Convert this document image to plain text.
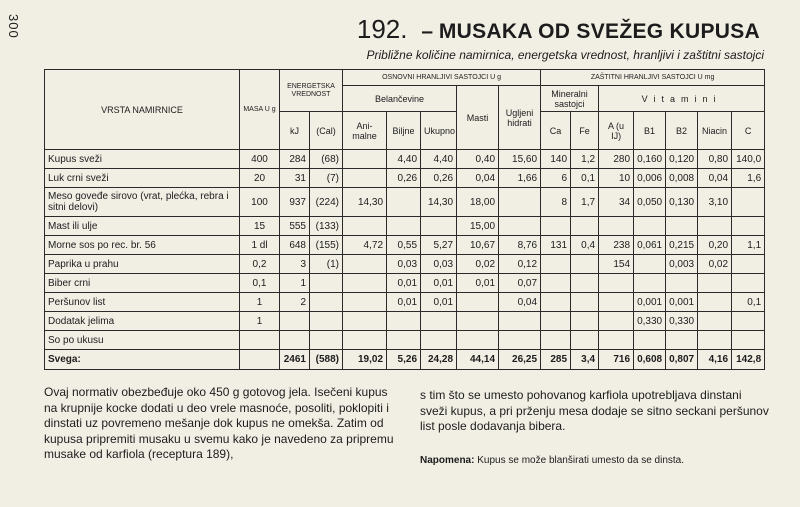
300	192. – MUSAKA OD SVEŽEG KUPUSA
Približne količine namirnica, energetska vrednost, hranljivi i zaštitni sastojci
VRSTA NAMIRNICE	MASA U g	ENERGETSKA VREDNOST		OSNOVNI HRANLJIVI SASTOJCI U g					ZAŠTITNI HRANLJIVI SASTOJCI U mg						
				Belančevine			Masti	Ugljeni hidrati	Mineralni sastojci		Vitamini				
		kJ	(Cal)	Ani- malne	Biljne	Ukupno			Ca	Fe	A (u IJ)	B1	B2	Niacin	C
Kupus sveži	400	284	(68)		4,40	4,40	0,40	15,60	140	1,2	280	0,160	0,120	0,80	140,0
Luk crni sveži	20	31	(7)		0,26	0,26	0,04	1,66	6	0,1	10	0,006	0,008	0,04	1,6
Meso goveđe sirovo (vrat, plećka, rebra i sitni delovi)	100	937	(224)	14,30		14,30	18,00		8	1,7	34	0,050	0,130	3,10	
Mast ili ulje	15	555	(133)				15,00								
Morne sos po rec. br. 56	1 dl	648	(155)	4,72	0,55	5,27	10,67	8,76	131	0,4	238	0,061	0,215	0,20	1,1
Paprika u prahu	0,2	3	(1)		0,03	0,03	0,02	0,12			154		0,003	0,02	
Biber crni	0,1	1			0,01	0,01	0,01	0,07							
Peršunov list	1	2			0,01	0,01		0,04				0,001	0,001		0,1
Dodatak jelima	1											0,330	0,330		
So po ukusu															
Svega:		2461	(588)	19,02	5,26	24,28	44,14	26,25	285	3,4	716	0,608	0,807	4,16	142,8
Ovaj normativ obezbeđuje oko 450 g gotovog jela. Isečeni kupus na krupnije kocke dodati u deo vrele masnoće, posoliti, poklopiti i dinstati uz povremeno mešanje dok kupus ne omekša. Zatim od kupusa pripremiti musaku u svemu kako je navedeno za pripremu musake od karfiola (receptura 189),
s tim što se umesto pohovanog karfiola upotrebljava dinstani sveži kupus, a pri prženju mesa dodaje se sitno seckani peršunov list posle dodavanja bibera.
Napomena: Kupus se može blanširati umesto da se dinsta.
